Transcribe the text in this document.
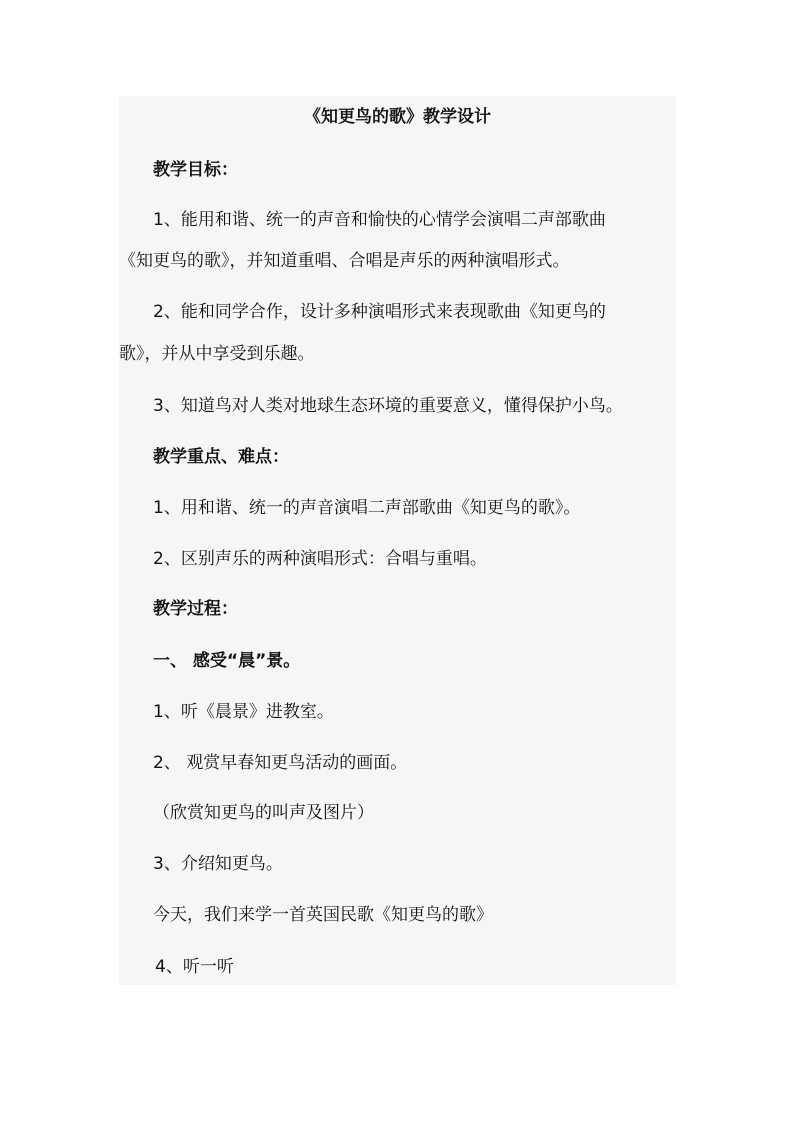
《知更鸟的歌》教学设计
教学目标：
1、能用和谐、统一的声音和愉快的心情学会演唱二声部歌曲
《知更鸟的歌》，并知道重唱、合唱是声乐的两种演唱形式。
2、能和同学合作，设计多种演唱形式来表现歌曲《知更鸟的
歌》，并从中享受到乐趣。
3、知道鸟对人类对地球生态环境的重要意义，懂得保护小鸟。
教学重点、难点：
1、用和谐、统一的声音演唱二声部歌曲《知更鸟的歌》。
2、区别声乐的两种演唱形式：合唱与重唱。
教学过程：
一、 感受“晨”景。
1、听《晨景》进教室。
2、 观赏早春知更鸟活动的画面。
（欣赏知更鸟的叫声及图片）
3、介绍知更鸟。
今天，我们来学一首英国民歌《知更鸟的歌》
4、听一听
